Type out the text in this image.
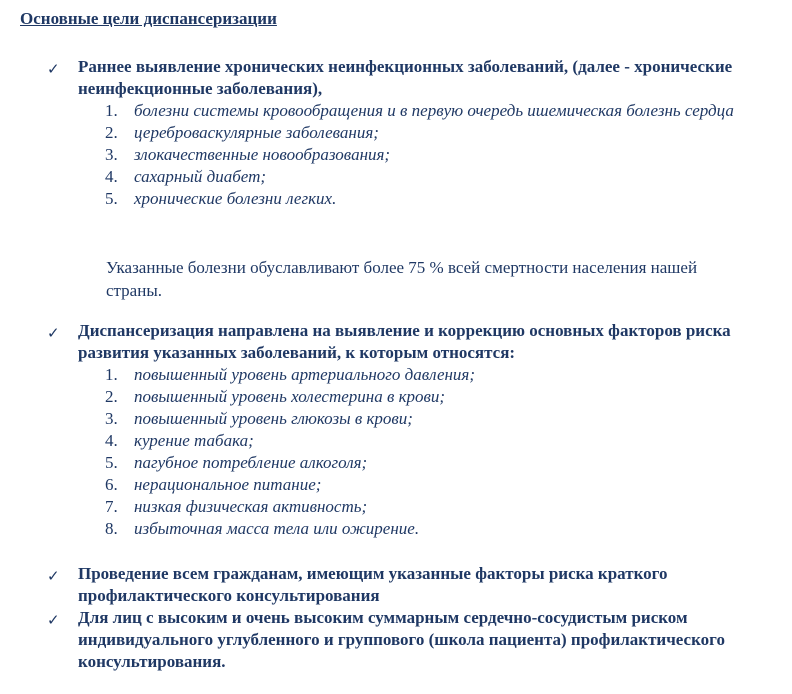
Основные цели диспансеризации
✓	Раннее выявление хронических неинфекционных заболеваний, (далее - хронические неинфекционные заболевания),
1. болезни системы кровообращения и в первую очередь ишемическая болезнь сердца
2. цереброваскулярные заболевания;
3. злокачественные новообразования;
4. сахарный диабет;
5. хронические болезни легких.
Указанные болезни обуславливают более 75 % всей смертности населения нашей страны.
✓	Диспансеризация направлена на выявление и коррекцию основных факторов риска развития указанных заболеваний, к которым относятся:
1. повышенный уровень артериального давления;
2. повышенный уровень холестерина в крови;
3. повышенный уровень глюкозы в крови;
4. курение табака;
5. пагубное потребление алкоголя;
6. нерациональное питание;
7. низкая физическая активность;
8. избыточная масса тела или ожирение.
✓	Проведение всем гражданам, имеющим указанные факторы риска краткого профилактического консультирования
✓	Для лиц с высоким и очень высоким суммарным сердечно-сосудистым риском индивидуального углубленного и группового (школа пациента) профилактического консультирования.
